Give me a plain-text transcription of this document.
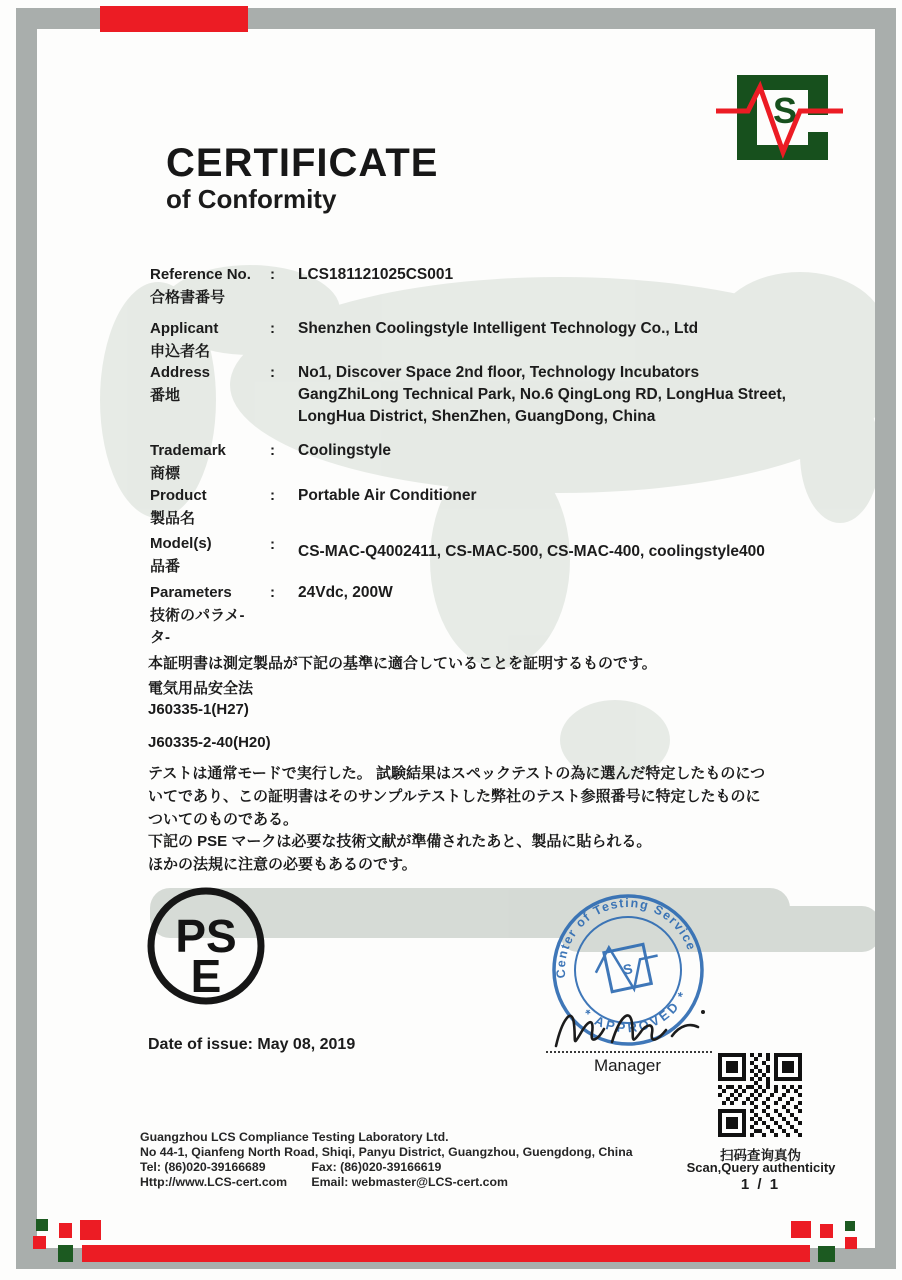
S
CERTIFICATE
of Conformity
Reference No.
合格書番号
: LCS181121025CS001
Applicant
申込者名
: Shenzhen Coolingstyle Intelligent Technology Co., Ltd
Address
番地
: No1, Discover Space 2nd floor, Technology Incubators
GangZhiLong Technical Park, No.6 QingLong RD, LongHua Street,
LongHua District, ShenZhen, GuangDong, China
Trademark
商標
: Coolingstyle
Product
製品名
: Portable Air Conditioner
Model(s)
品番
: CS-MAC-Q4002411, CS-MAC-500, CS-MAC-400, coolingstyle400
Parameters
技術のパラメ-
タ-
: 24Vdc, 200W
本証明書は測定製品が下記の基準に適合していることを証明するものです。
電気用品安全法
J60335-1(H27)
J60335-2-40(H20)
テストは通常モードで実行した。 試験結果はスペックテストの為に選んだ特定したものにつ
いてであり、この証明書はそのサンプルテストした弊社のテスト参照番号に特定したものに
ついてのものである。
下記の PSE マークは必要な技術文献が準備されたあと、製品に貼られる。
ほかの法規に注意の必要もあるのです。
PS
E
Date of issue: May 08, 2019
Center of Testing Service
* APPROVED *
S
Manager
扫码查询真伪
Scan,Query authenticity
1 / 1
Guangzhou LCS Compliance Testing Laboratory Ltd.
No 44-1, Qianfeng North Road, Shiqi, Panyu District, Guangzhou, Guengdong, China
Tel: (86)020-39166689	Fax: (86)020-39166619
Http://www.LCS-cert.com Email: webmaster@LCS-cert.com
